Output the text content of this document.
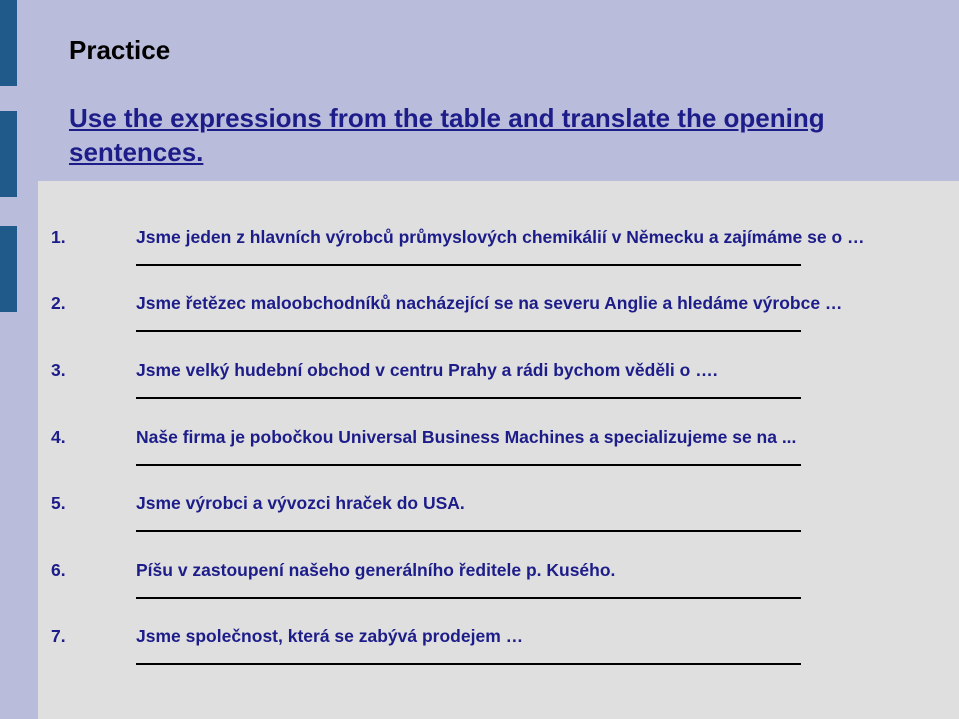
Practice
Use the expressions from the table and translate the opening sentences.
1.	Jsme jeden z hlavních výrobců průmyslových chemikálií v Německu a zajímáme se o …
2.	Jsme řetězec maloobchodníků nacházející se na severu Anglie a hledáme výrobce …
3.	Jsme velký hudební obchod v centru Prahy a rádi bychom věděli o ….
4.	Naše firma je pobočkou Universal Business Machines a specializujeme se na ...
5.	Jsme výrobci a vývozci hraček do USA.
6.	Píšu v zastoupení našeho generálního ředitele p. Kusého.
7.	Jsme společnost, která se zabývá prodejem …
